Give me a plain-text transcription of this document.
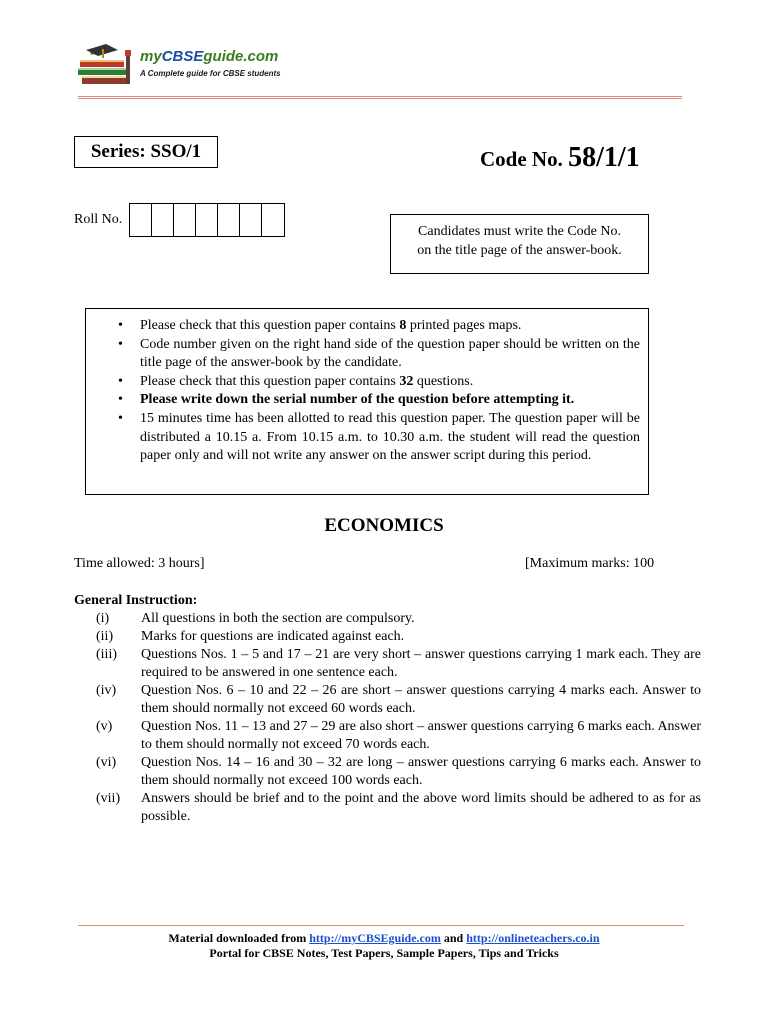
myCBSEguide.com
A Complete guide for CBSE students
Series: SSO/1	Code No. 58/1/1
Roll No.
Candidates must write the Code No.
on the title page of the answer-book.
• Please check that this question paper contains 8 printed pages maps.
• Code number given on the right hand side of the question paper should be written on the title page of the answer-book by the candidate.
• Please check that this question paper contains 32 questions.
• Please write down the serial number of the question before attempting it.
• 15 minutes time has been allotted to read this question paper. The question paper will be distributed a 10.15 a. From 10.15 a.m. to 10.30 a.m. the student will read the question paper only and will not write any answer on the answer script during this period.
ECONOMICS
Time allowed: 3 hours]	[Maximum marks: 100
General Instruction:
(i)	All questions in both the section are compulsory.
(ii)	Marks for questions are indicated against each.
(iii)	Questions Nos. 1 – 5 and 17 – 21 are very short – answer questions carrying 1 mark each. They are required to be answered in one sentence each.
(iv)	Question Nos. 6 – 10 and 22 – 26 are short – answer questions carrying 4 marks each. Answer to them should normally not exceed 60 words each.
(v)	Question Nos. 11 – 13 and 27 – 29 are also short – answer questions carrying 6 marks each. Answer to them should normally not exceed 70 words each.
(vi)	Question Nos. 14 – 16 and 30 – 32 are long – answer questions carrying 6 marks each. Answer to them should normally not exceed 100 words each.
(vii)	Answers should be brief and to the point and the above word limits should be adhered to as for as possible.
Material downloaded from http://myCBSEguide.com and http://onlineteachers.co.in
Portal for CBSE Notes, Test Papers, Sample Papers, Tips and Tricks
